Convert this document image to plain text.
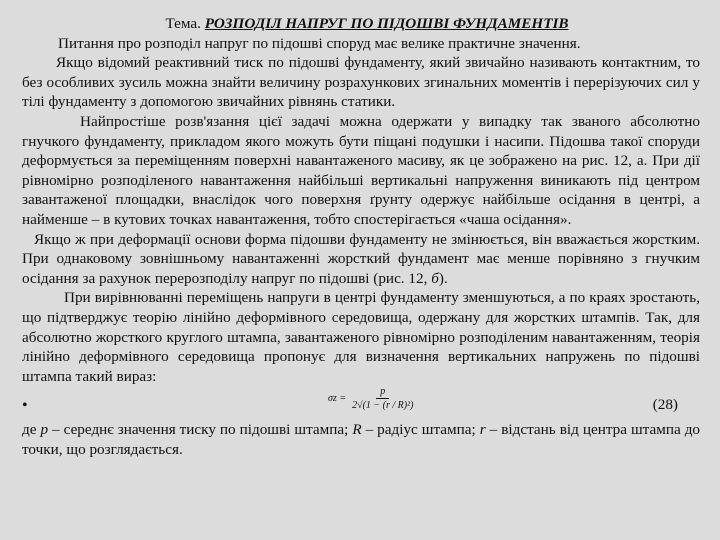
Тема. РОЗПОДІЛ НАПРУГ ПО ПІДОШВІ ФУНДАМЕНТІВ

Питання про розподіл напруг по підошві споруд має велике практичне значення.

Якщо відомий реактивний тиск по підошві фундаменту, який звичайно називають контактним, то без особливих зусиль можна знайти величину розрахункових згинальних моментів і перерізуючих сил у тілі фундаменту з допомогою звичайних рівнянь статики.

Найпростіше розв'язання цієї задачі можна одержати у випадку так званого абсолютно гнучкого фундаменту, прикладом якого можуть бути піщані подушки і насипи. Підошва такої споруди деформується за переміщенням поверхні навантаженого масиву, як це зображено на рис. 12, а. При дії рівномірно розподіленого навантаження найбільші вертикальні напруження виникають під центром завантаженої площадки, внаслідок чого поверхня ґрунту одержує найбільше осідання в центрі, а найменше – в кутових точках навантаження, тобто спостерігається «чаша осідання».

Якщо ж при деформації основи форма підошви фундаменту не змінюється, він вважається жорстким. При однаковому зовнішньому навантаженні жорсткий фундамент має менше порівняно з гнучким осідання за рахунок перерозподілу напруг по підошві (рис. 12, б).

При вирівнюванні переміщень напруги в центрі фундаменту зменшуються, а по краях зростають, що підтверджує теорію лінійно деформівного середовища, одержану для жорстких штампів. Так, для абсолютно жорсткого круглого штампа, завантаженого рівномірно розподіленим навантаженням, теорія лінійно деформівного середовища пропонує для визначення вертикальних напружень по підошві штампа такий вираз:

•	$\sigma z = \frac{p}{\text{2√(1 − (r / R)²)}}$	(28)

де p – середнє значення тиску по підошві штампа; R – радіус штампа; r – відстань від центра штампа до точки, що розглядається.
